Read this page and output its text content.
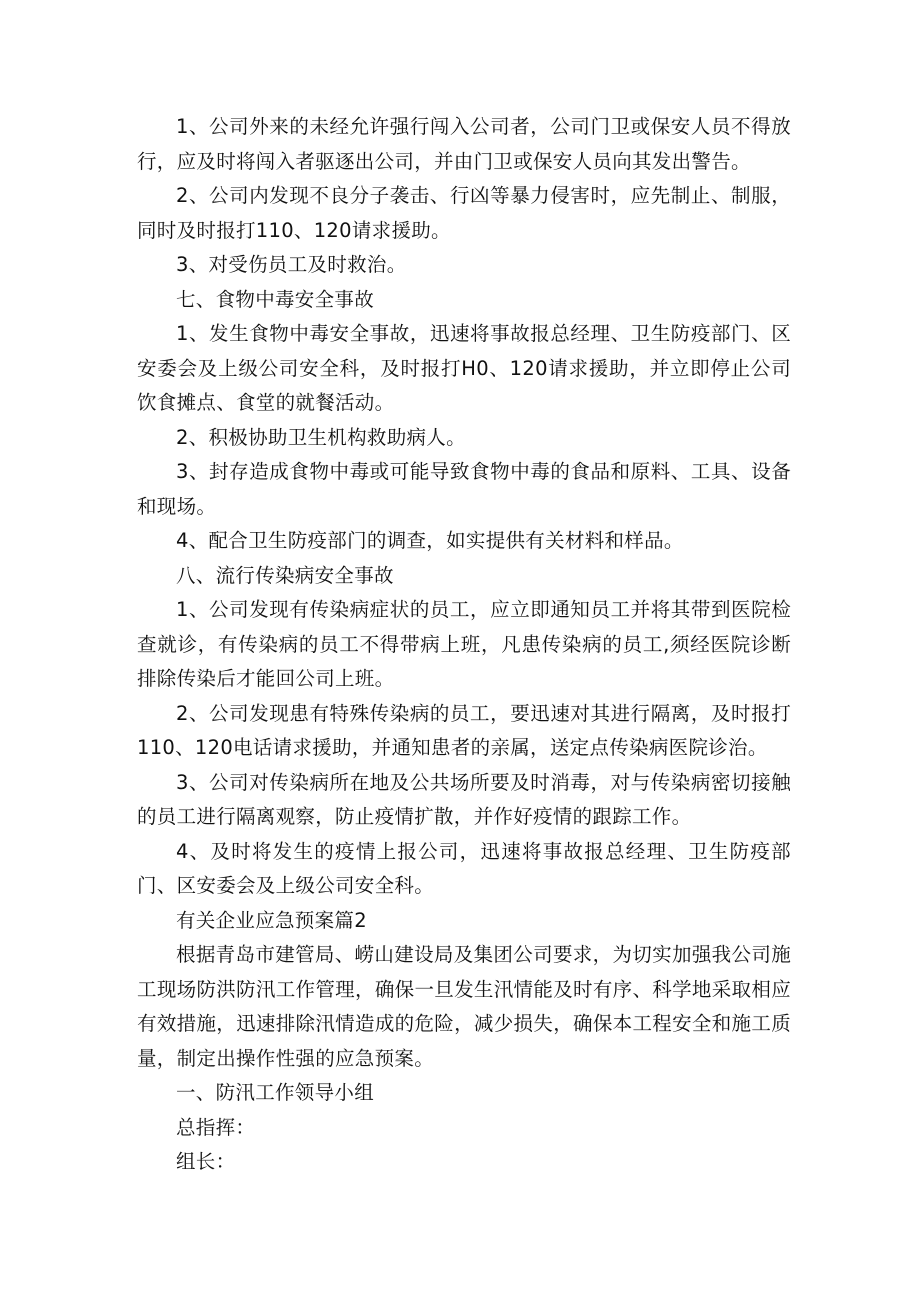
1、公司外来的未经允许强行闯入公司者，公司门卫或保安人员不得放行，应及时将闯入者驱逐出公司，并由门卫或保安人员向其发出警告。

2、公司内发现不良分子袭击、行凶等暴力侵害时，应先制止、制服，同时及时报打110、120请求援助。

3、对受伤员工及时救治。

七、食物中毒安全事故

1、发生食物中毒安全事故，迅速将事故报总经理、卫生防疫部门、区安委会及上级公司安全科，及时报打H0、120请求援助，并立即停止公司饮食摊点、食堂的就餐活动。

2、积极协助卫生机构救助病人。

3、封存造成食物中毒或可能导致食物中毒的食品和原料、工具、设备和现场。

4、配合卫生防疫部门的调查，如实提供有关材料和样品。

八、流行传染病安全事故

1、公司发现有传染病症状的员工，应立即通知员工并将其带到医院检查就诊，有传染病的员工不得带病上班，凡患传染病的员工,须经医院诊断排除传染后才能回公司上班。

2、公司发现患有特殊传染病的员工，要迅速对其进行隔离，及时报打110、120电话请求援助，并通知患者的亲属，送定点传染病医院诊治。

3、公司对传染病所在地及公共场所要及时消毒，对与传染病密切接触的员工进行隔离观察，防止疫情扩散，并作好疫情的跟踪工作。

4、及时将发生的疫情上报公司，迅速将事故报总经理、卫生防疫部门、区安委会及上级公司安全科。

有关企业应急预案篇2

根据青岛市建管局、崂山建设局及集团公司要求，为切实加强我公司施工现场防洪防汛工作管理，确保一旦发生汛情能及时有序、科学地采取相应有效措施，迅速排除汛情造成的危险，减少损失，确保本工程安全和施工质量，制定出操作性强的应急预案。

一、防汛工作领导小组

总指挥：

组长：
